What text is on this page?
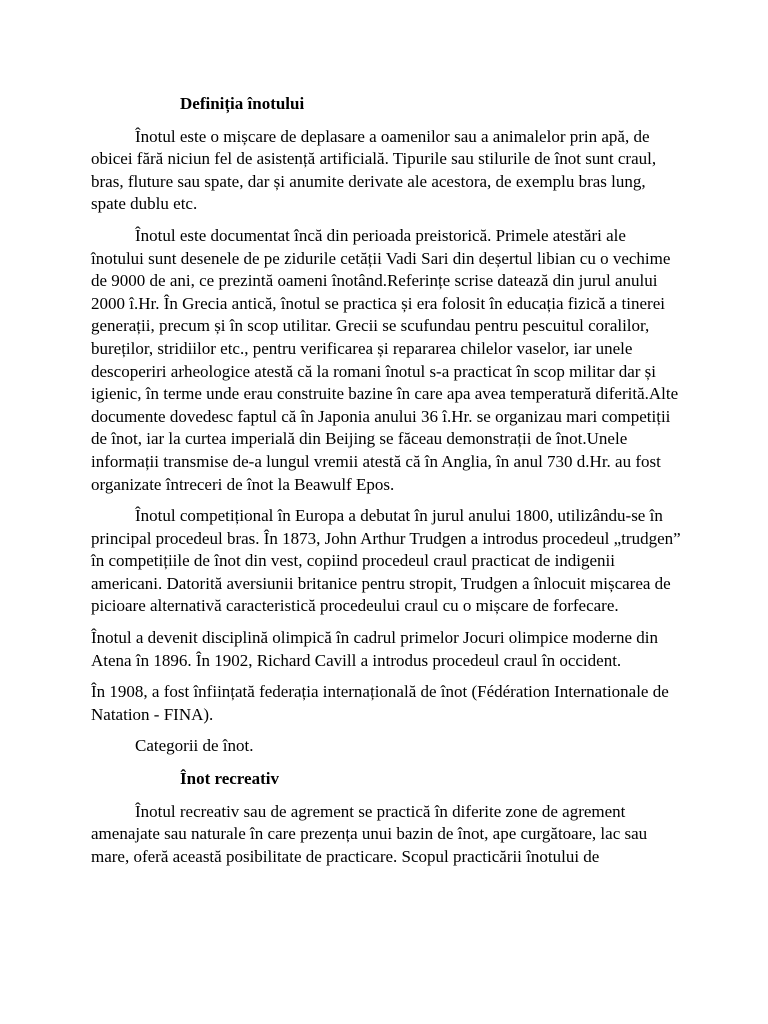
Definiția înotului

Înotul este o mișcare de deplasare a oamenilor sau a animalelor prin apă, de obicei fără niciun fel de asistență artificială. Tipurile sau stilurile de înot sunt craul, bras, fluture sau spate, dar și anumite derivate ale acestora, de exemplu bras lung, spate dublu etc.

Înotul este documentat încă din perioada preistorică. Primele atestări ale înotului sunt desenele de pe zidurile cetății Vadi Sari din deșertul libian cu o vechime de 9000 de ani, ce prezintă oameni înotând.Referințe scrise datează din jurul anului 2000 î.Hr. În Grecia antică, înotul se practica și era folosit în educația fizică a tinerei generații, precum și în scop utilitar. Grecii se scufundau pentru pescuitul coralilor, bureților, stridiilor etc., pentru verificarea și repararea chilelor vaselor, iar unele descoperiri arheologice atestă că la romani înotul s-a practicat în scop militar dar și igienic, în terme unde erau construite bazine în care apa avea temperatură diferită.Alte documente dovedesc faptul că în Japonia anului 36 î.Hr. se organizau mari competiții de înot, iar la curtea imperială din Beijing se făceau demonstrații de înot.Unele informații transmise de-a lungul vremii atestă că în Anglia, în anul 730 d.Hr. au fost organizate întreceri de înot la Beawulf Epos.

Înotul competițional în Europa a debutat în jurul anului 1800, utilizându-se în principal procedeul bras. În 1873, John Arthur Trudgen a introdus procedeul „trudgen” în competițiile de înot din vest, copiind procedeul craul practicat de indigenii americani. Datorită aversiunii britanice pentru stropit, Trudgen a înlocuit mișcarea de picioare alternativă caracteristică procedeului craul cu o mișcare de forfecare.

Înotul a devenit disciplină olimpică în cadrul primelor Jocuri olimpice moderne din Atena în 1896. În 1902, Richard Cavill a introdus procedeul craul în occident.

În 1908, a fost înființată federația internațională de înot (Fédération Internationale de Natation - FINA).

Categorii de înot.
Înot recreativ

Înotul recreativ sau de agrement se practică în diferite zone de agrement amenajate sau naturale în care prezența unui bazin de înot, ape curgătoare, lac sau mare, oferă această posibilitate de practicare. Scopul practicării înotului de
